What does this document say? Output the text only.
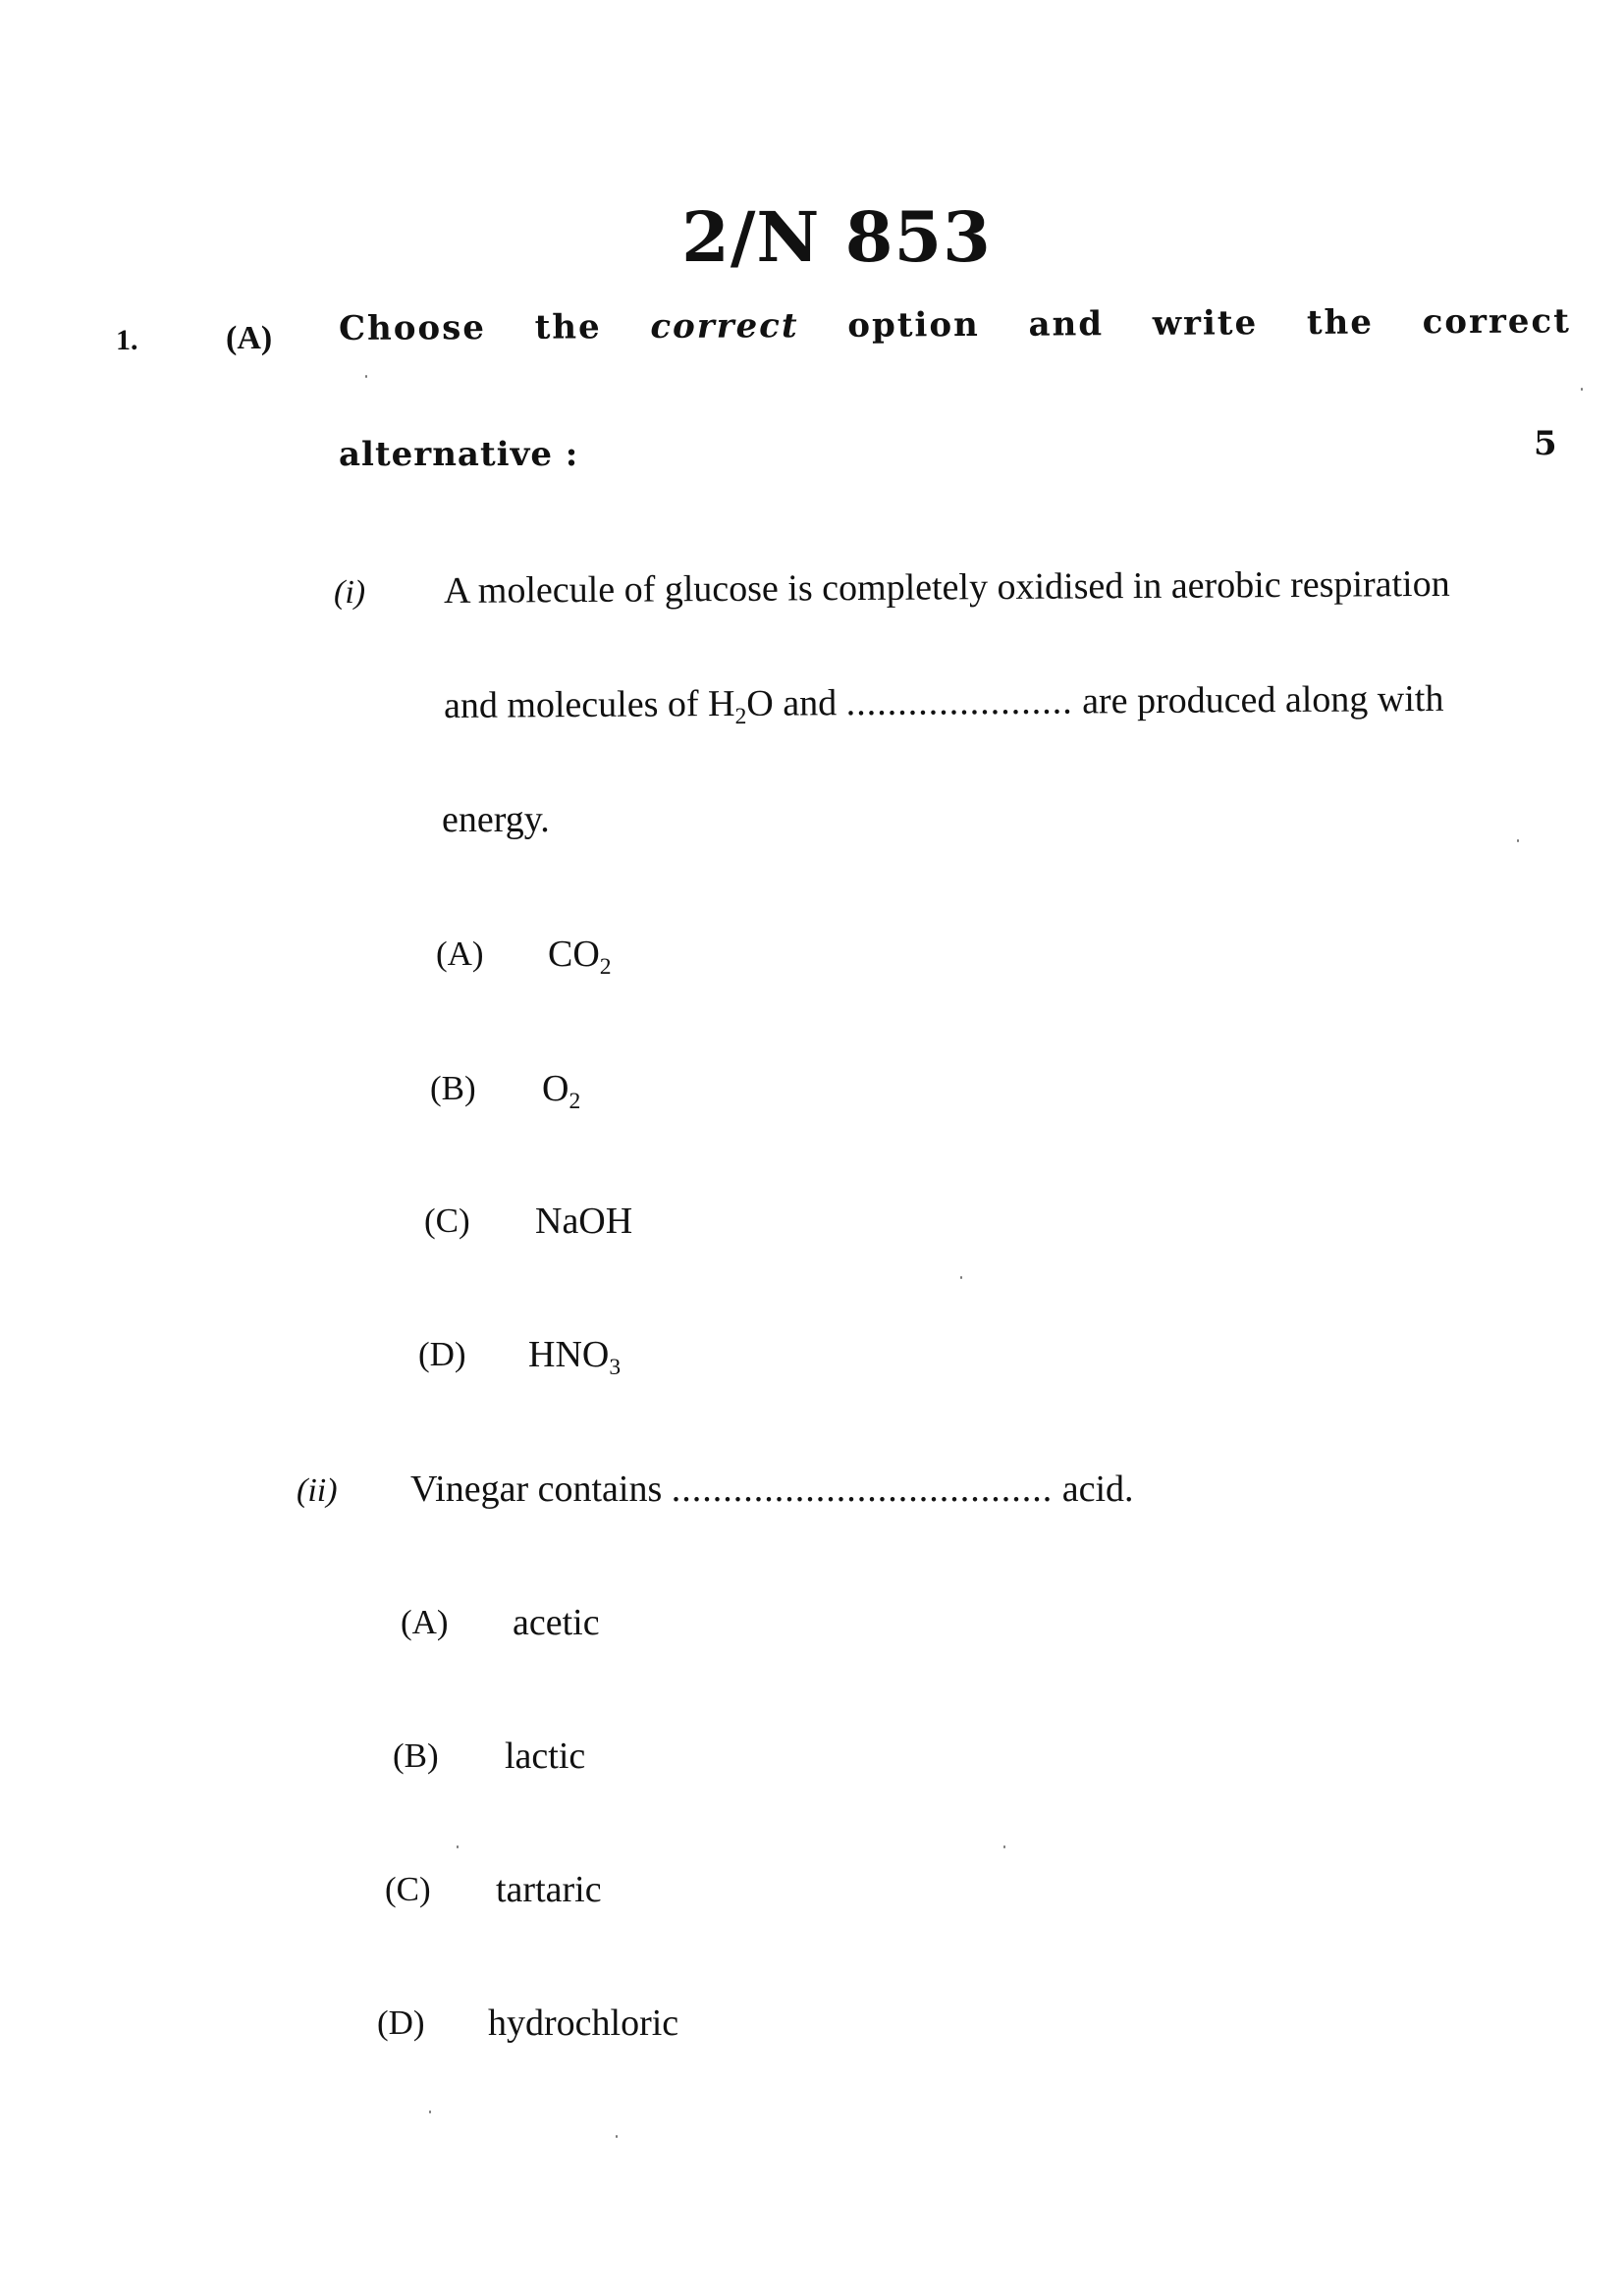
2/N 853
1.	(A) Choose the correct option and write the correct
alternative :	5
(i) A molecule of glucose is completely oxidised in aerobic respiration
and molecules of $H_2O$ and ...................... are produced along with
energy.
(A) $CO_2$
(B) $O_2$
(C) NaOH
(D) $HNO_3$
(ii) Vinegar contains ..................................... acid.
(A) acetic
(B) lactic
(C) tartaric
(D) hydrochloric
